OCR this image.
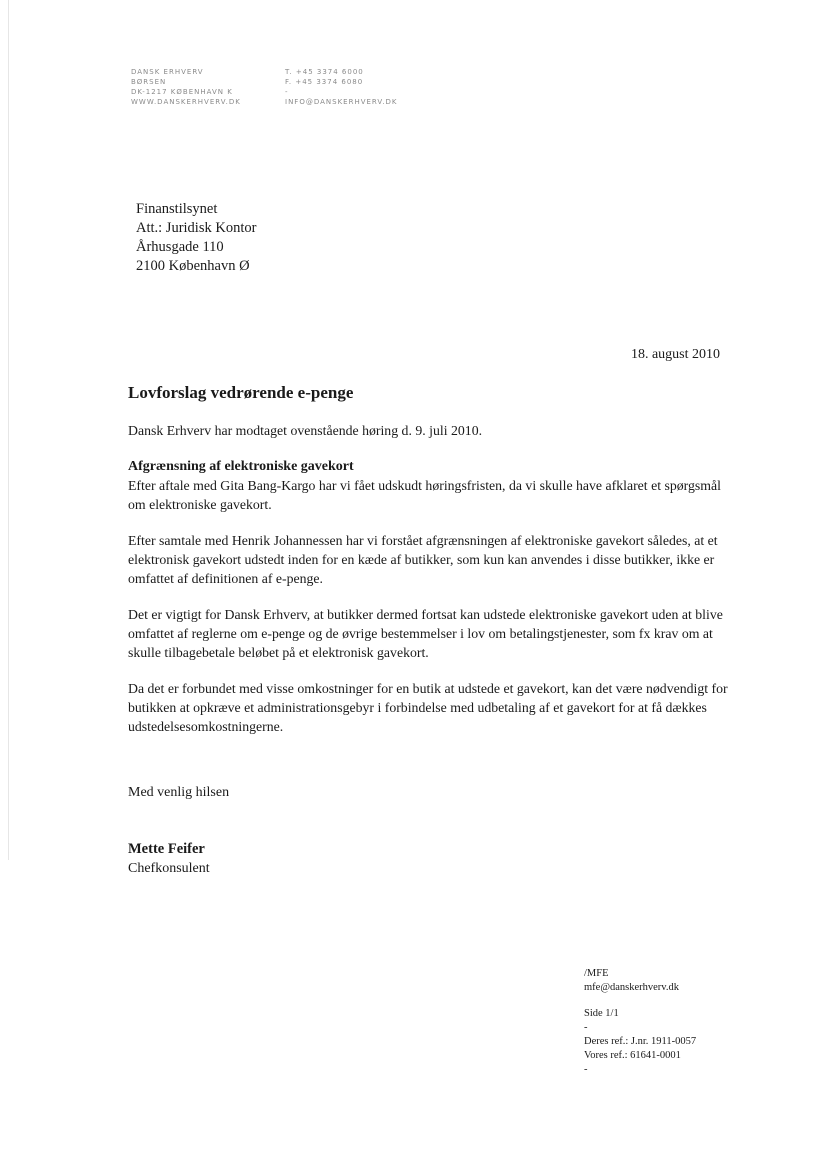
DANSK ERHVERV
BØRSEN
DK-1217 KØBENHAVN K
WWW.DANSKERHVERV.DK
T. +45 3374 6000
F. +45 3374 6080
-
INFO@DANSKERHVERV.DK
Finanstilsynet
Att.: Juridisk Kontor
Århusgade 110
2100 København Ø
18. august 2010
Lovforslag vedrørende e-penge

Dansk Erhverv har modtaget ovenstående høring d. 9. juli 2010.

Afgrænsning af elektroniske gavekort
Efter aftale med Gita Bang-Kargo har vi fået udskudt høringsfristen, da vi skulle have afklaret et spørgsmål om elektroniske gavekort.

Efter samtale med Henrik Johannessen har vi forstået afgrænsningen af elektroniske gavekort således, at et elektronisk gavekort udstedt inden for en kæde af butikker, som kun kan anvendes i disse butikker, ikke er omfattet af definitionen af e-penge.

Det er vigtigt for Dansk Erhverv, at butikker dermed fortsat kan udstede elektroniske gavekort uden at blive omfattet af reglerne om e-penge og de øvrige bestemmelser i lov om betalingstjenester, som fx krav om at skulle tilbagebetale beløbet på et elektronisk gavekort.

Da det er forbundet med visse omkostninger for en butik at udstede et gavekort, kan det være nødvendigt for butikken at opkræve et administrationsgebyr i forbindelse med udbetaling af et gavekort for at få dækkes udstedelsesomkostningerne.

Med venlig hilsen
Mette Feifer
Chefkonsulent
/MFE
mfe@danskerhverv.dk
Side 1/1
-
Deres ref.: J.nr. 1911-0057
Vores ref.: 61641-0001
-
